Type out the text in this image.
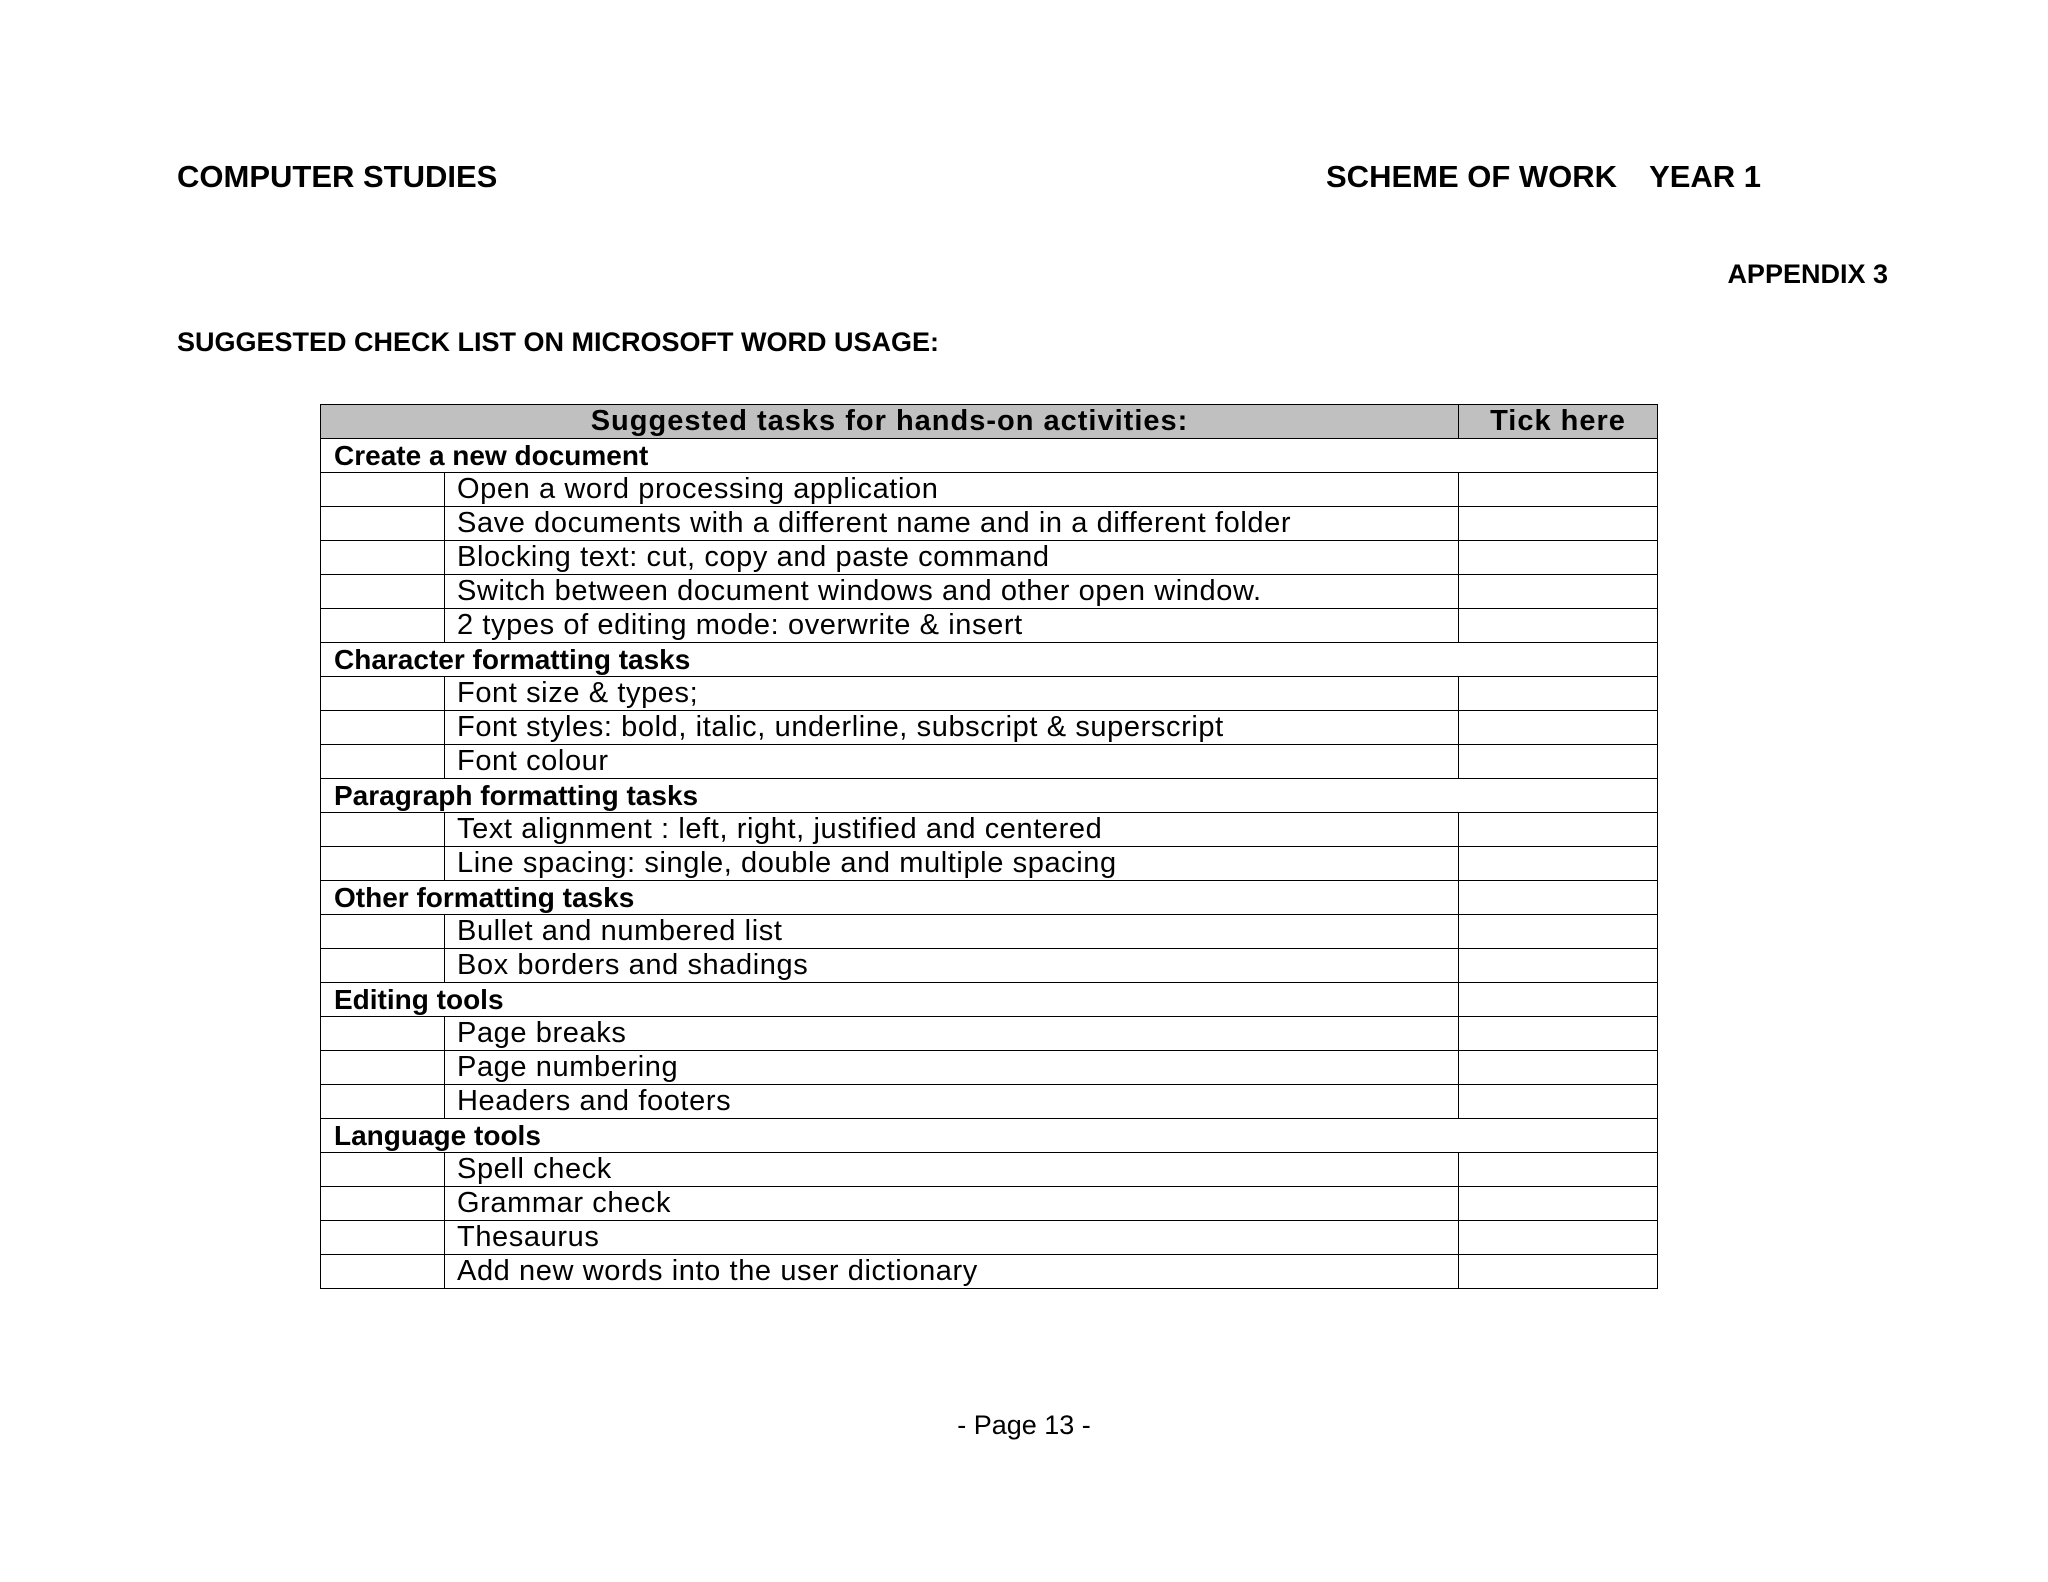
COMPUTER STUDIES	SCHEME OF WORK YEAR 1
APPENDIX 3
SUGGESTED CHECK LIST ON MICROSOFT WORD USAGE:
Suggested tasks for hands-on activities:		Tick here
Create a new document		
	Open a word processing application	
	Save documents with a different name and in a different folder	
	Blocking text: cut, copy and paste command	
	Switch between document windows and other open window.	
	2 types of editing mode: overwrite & insert	
Character formatting tasks		
	Font size & types;	
	Font styles: bold, italic, underline, subscript & superscript	
	Font colour	
Paragraph formatting tasks		
	Text alignment : left, right, justified and centered	
	Line spacing: single, double and multiple spacing	
Other formatting tasks		
	Bullet and numbered list	
	Box borders and shadings	
Editing tools		
	Page breaks	
	Page numbering	
	Headers and footers	
Language tools		
	Spell check	
	Grammar check	
	Thesaurus	
	Add new words into the user dictionary	
- Page 13 -
